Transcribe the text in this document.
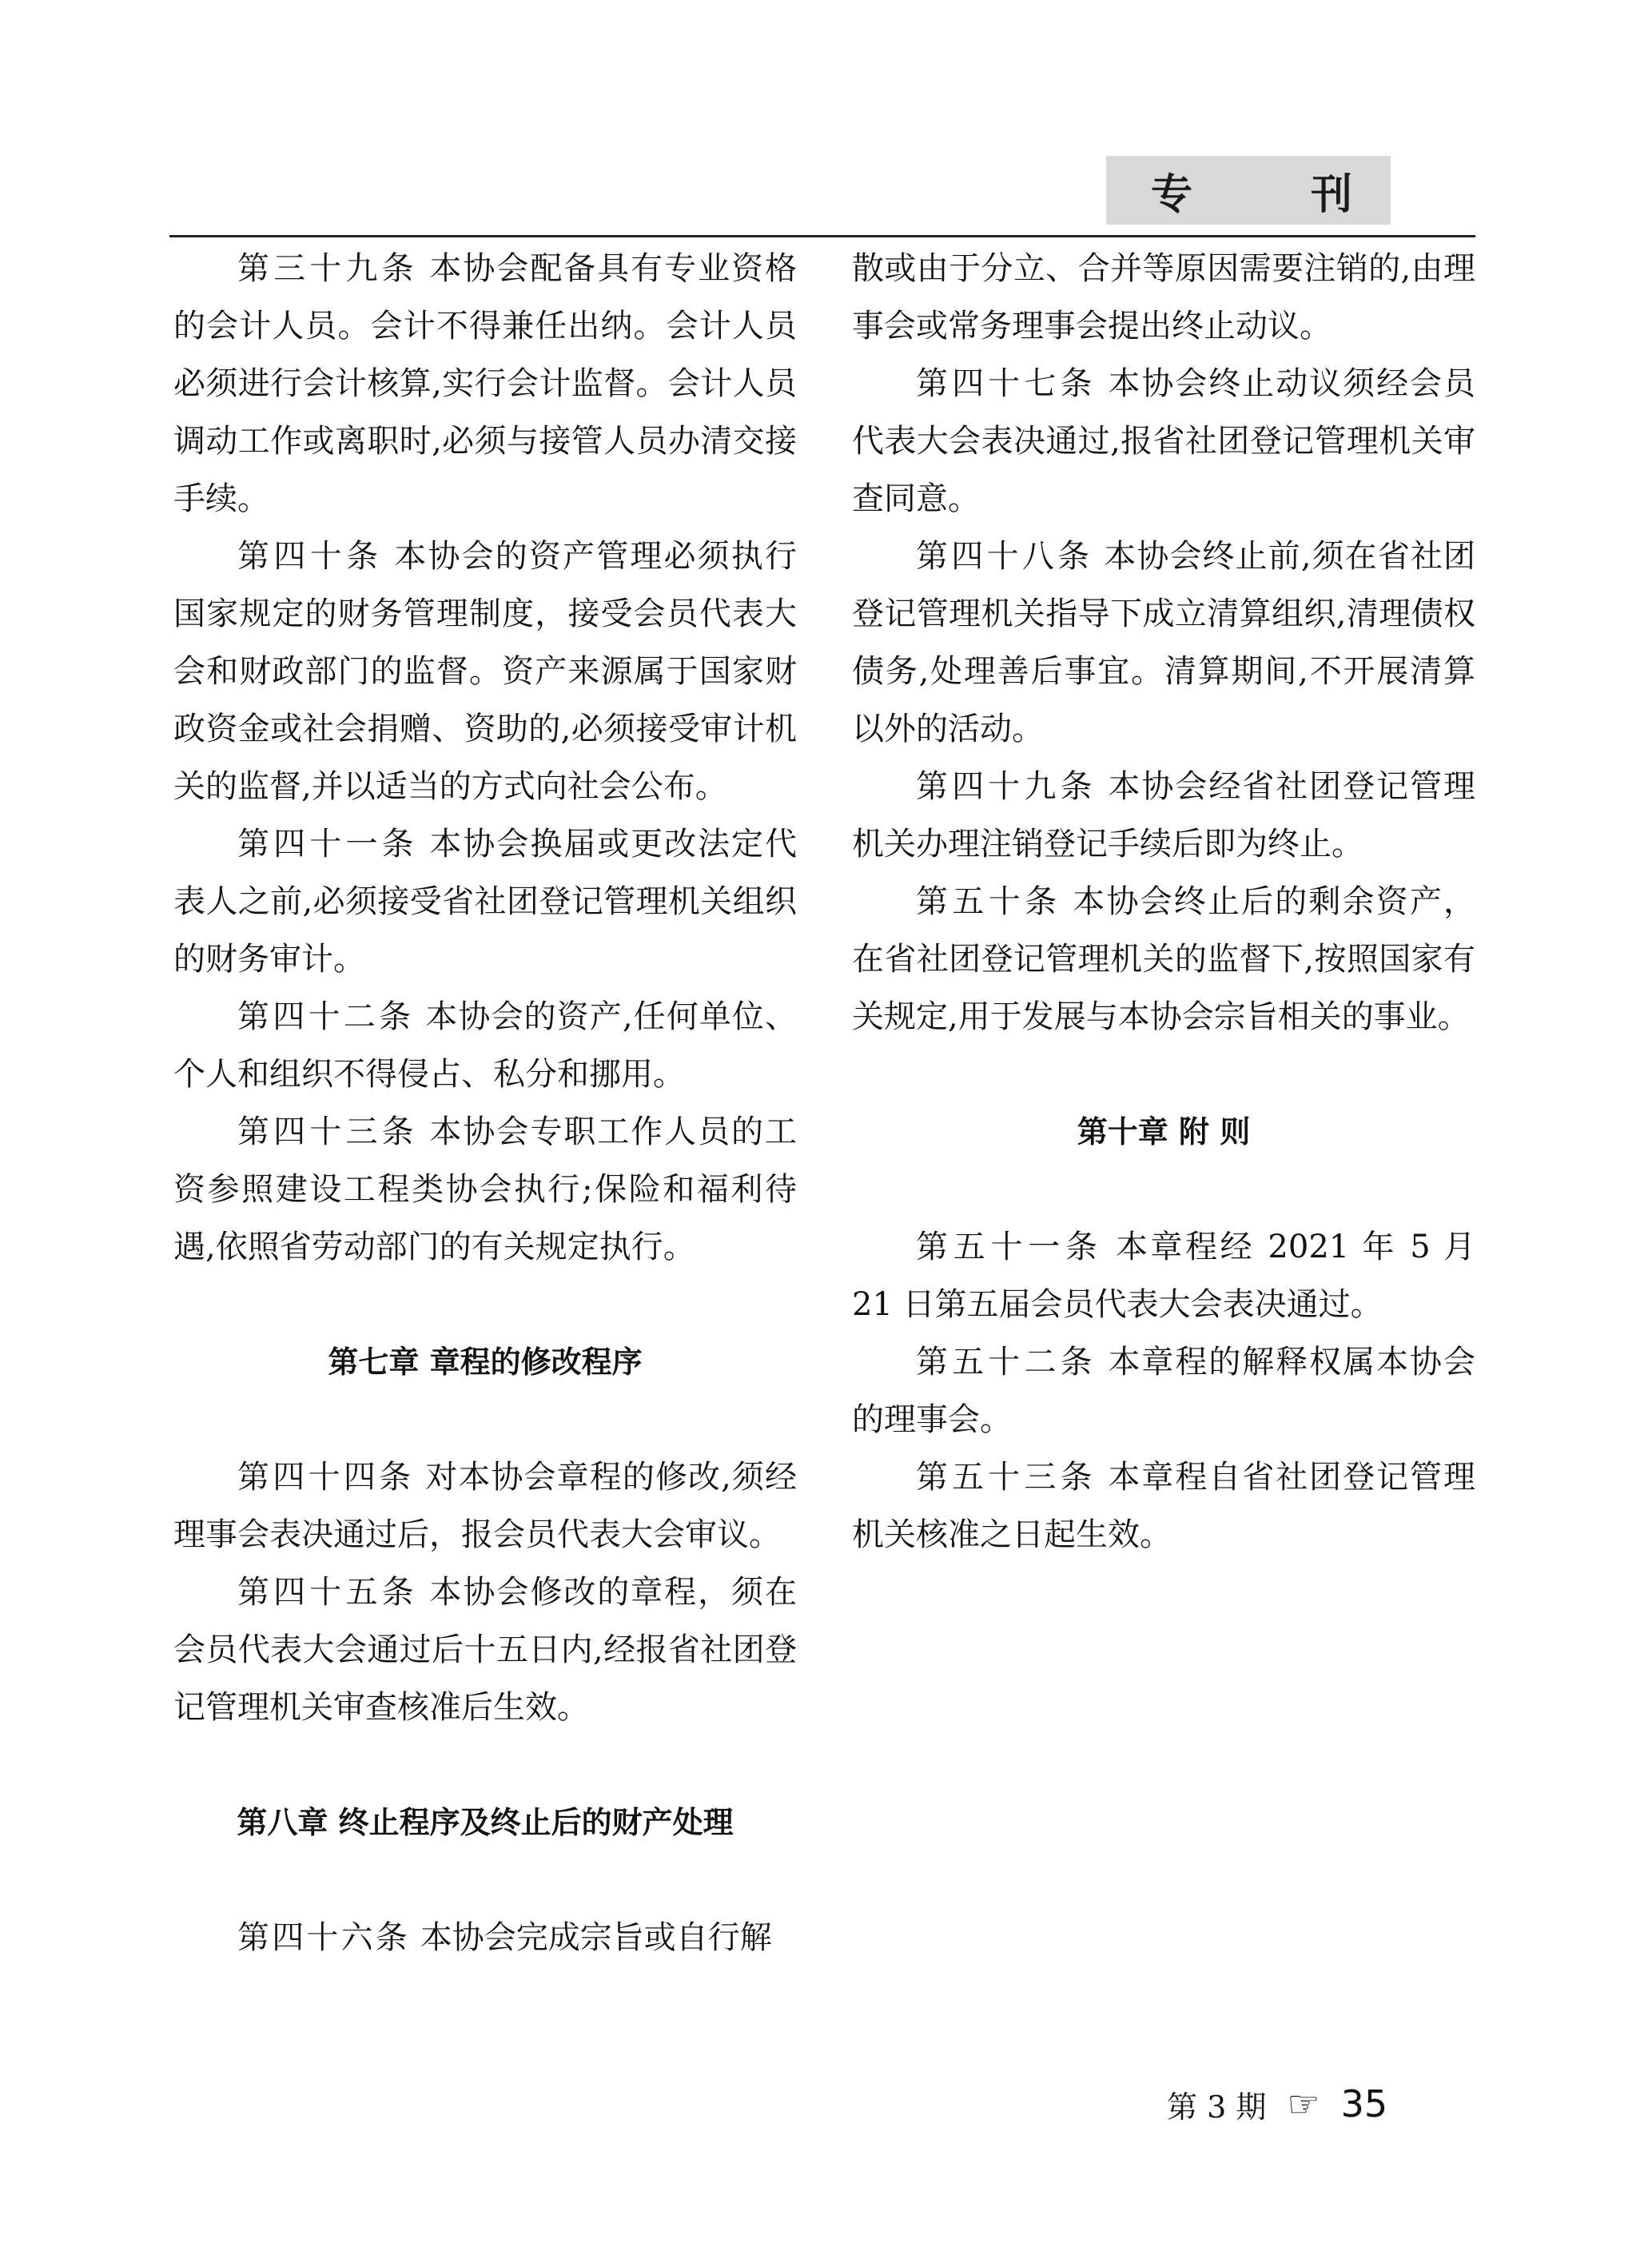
专	刊

第三十九条 本协会配备具有专业资格的会计人员。会计不得兼任出纳。会计人员必须进行会计核算,实行会计监督。会计人员调动工作或离职时,必须与接管人员办清交接手续。

第四十条 本协会的资产管理必须执行国家规定的财务管理制度，接受会员代表大会和财政部门的监督。资产来源属于国家财政资金或社会捐赠、资助的,必须接受审计机关的监督,并以适当的方式向社会公布。

第四十一条 本协会换届或更改法定代表人之前,必须接受省社团登记管理机关组织的财务审计。

第四十二条 本协会的资产,任何单位、个人和组织不得侵占、私分和挪用。

第四十三条 本协会专职工作人员的工资参照建设工程类协会执行;保险和福利待遇,依照省劳动部门的有关规定执行。

第七章 章程的修改程序

第四十四条 对本协会章程的修改,须经理事会表决通过后，报会员代表大会审议。

第四十五条 本协会修改的章程，须在会员代表大会通过后十五日内,经报省社团登记管理机关审查核准后生效。

第八章 终止程序及终止后的财产处理

第四十六条 本协会完成宗旨或自行解

散或由于分立、合并等原因需要注销的,由理事会或常务理事会提出终止动议。

第四十七条 本协会终止动议须经会员代表大会表决通过,报省社团登记管理机关审查同意。

第四十八条 本协会终止前,须在省社团登记管理机关指导下成立清算组织,清理债权债务,处理善后事宜。清算期间,不开展清算以外的活动。

第四十九条 本协会经省社团登记管理机关办理注销登记手续后即为终止。

第五十条 本协会终止后的剩余资产，在省社团登记管理机关的监督下,按照国家有关规定,用于发展与本协会宗旨相关的事业。

第十章 附 则

第五十一条 本章程经 2021 年 5 月 21 日第五届会员代表大会表决通过。

第五十二条 本章程的解释权属本协会的理事会。

第五十三条 本章程自省社团登记管理机关核准之日起生效。

第 3 期 ☞ 35
